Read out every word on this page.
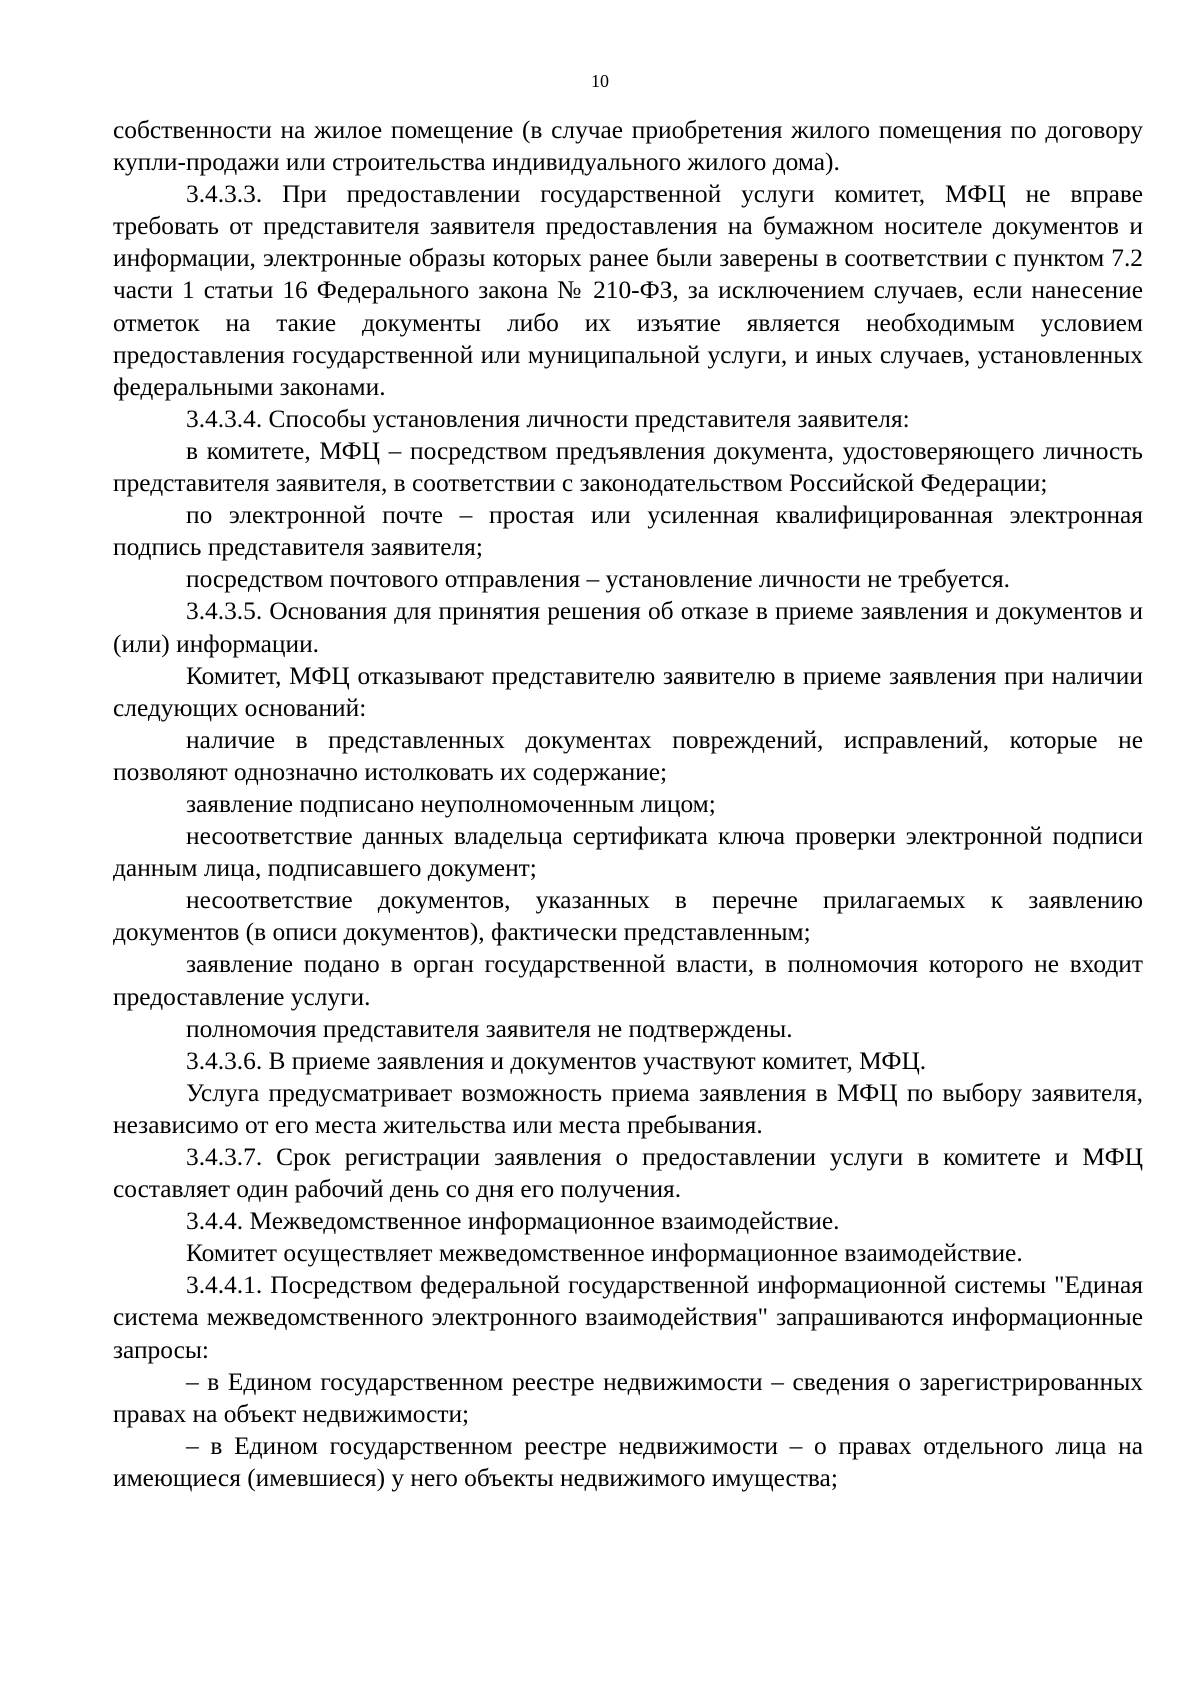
10

собственности на жилое помещение (в случае приобретения жилого помещения по договору купли-продажи или строительства индивидуального жилого дома).

3.4.3.3. При предоставлении государственной услуги комитет, МФЦ не вправе требовать от представителя заявителя предоставления на бумажном носителе документов и информации, электронные образы которых ранее были заверены в соответствии с пунктом 7.2 части 1 статьи 16 Федерального закона № 210-ФЗ, за исключением случаев, если нанесение отметок на такие документы либо их изъятие является необходимым условием предоставления государственной или муниципальной услуги, и иных случаев, установленных федеральными законами.

3.4.3.4. Способы установления личности представителя заявителя:

в комитете, МФЦ – посредством предъявления документа, удостоверяющего личность представителя заявителя, в соответствии с законодательством Российской Федерации;

по электронной почте – простая или усиленная квалифицированная электронная подпись представителя заявителя;

посредством почтового отправления – установление личности не требуется.

3.4.3.5. Основания для принятия решения об отказе в приеме заявления и документов и (или) информации.

Комитет, МФЦ отказывают представителю заявителю в приеме заявления при наличии следующих оснований:

наличие в представленных документах повреждений, исправлений, которые не позволяют однозначно истолковать их содержание;

заявление подписано неуполномоченным лицом;

несоответствие данных владельца сертификата ключа проверки электронной подписи данным лица, подписавшего документ;

несоответствие документов, указанных в перечне прилагаемых к заявлению документов (в описи документов), фактически представленным;

заявление подано в орган государственной власти, в полномочия которого не входит предоставление услуги.

полномочия представителя заявителя не подтверждены.

3.4.3.6. В приеме заявления и документов участвуют комитет, МФЦ.

Услуга предусматривает возможность приема заявления в МФЦ по выбору заявителя, независимо от его места жительства или места пребывания.

3.4.3.7. Срок регистрации заявления о предоставлении услуги в комитете и МФЦ составляет один рабочий день со дня его получения.

3.4.4. Межведомственное информационное взаимодействие.

Комитет осуществляет межведомственное информационное взаимодействие.

3.4.4.1. Посредством федеральной государственной информационной системы "Единая система межведомственного электронного взаимодействия" запрашиваются информационные запросы:

– в Едином государственном реестре недвижимости – сведения о зарегистрированных правах на объект недвижимости;

– в Едином государственном реестре недвижимости – о правах отдельного лица на имеющиеся (имевшиеся) у него объекты недвижимого имущества;
